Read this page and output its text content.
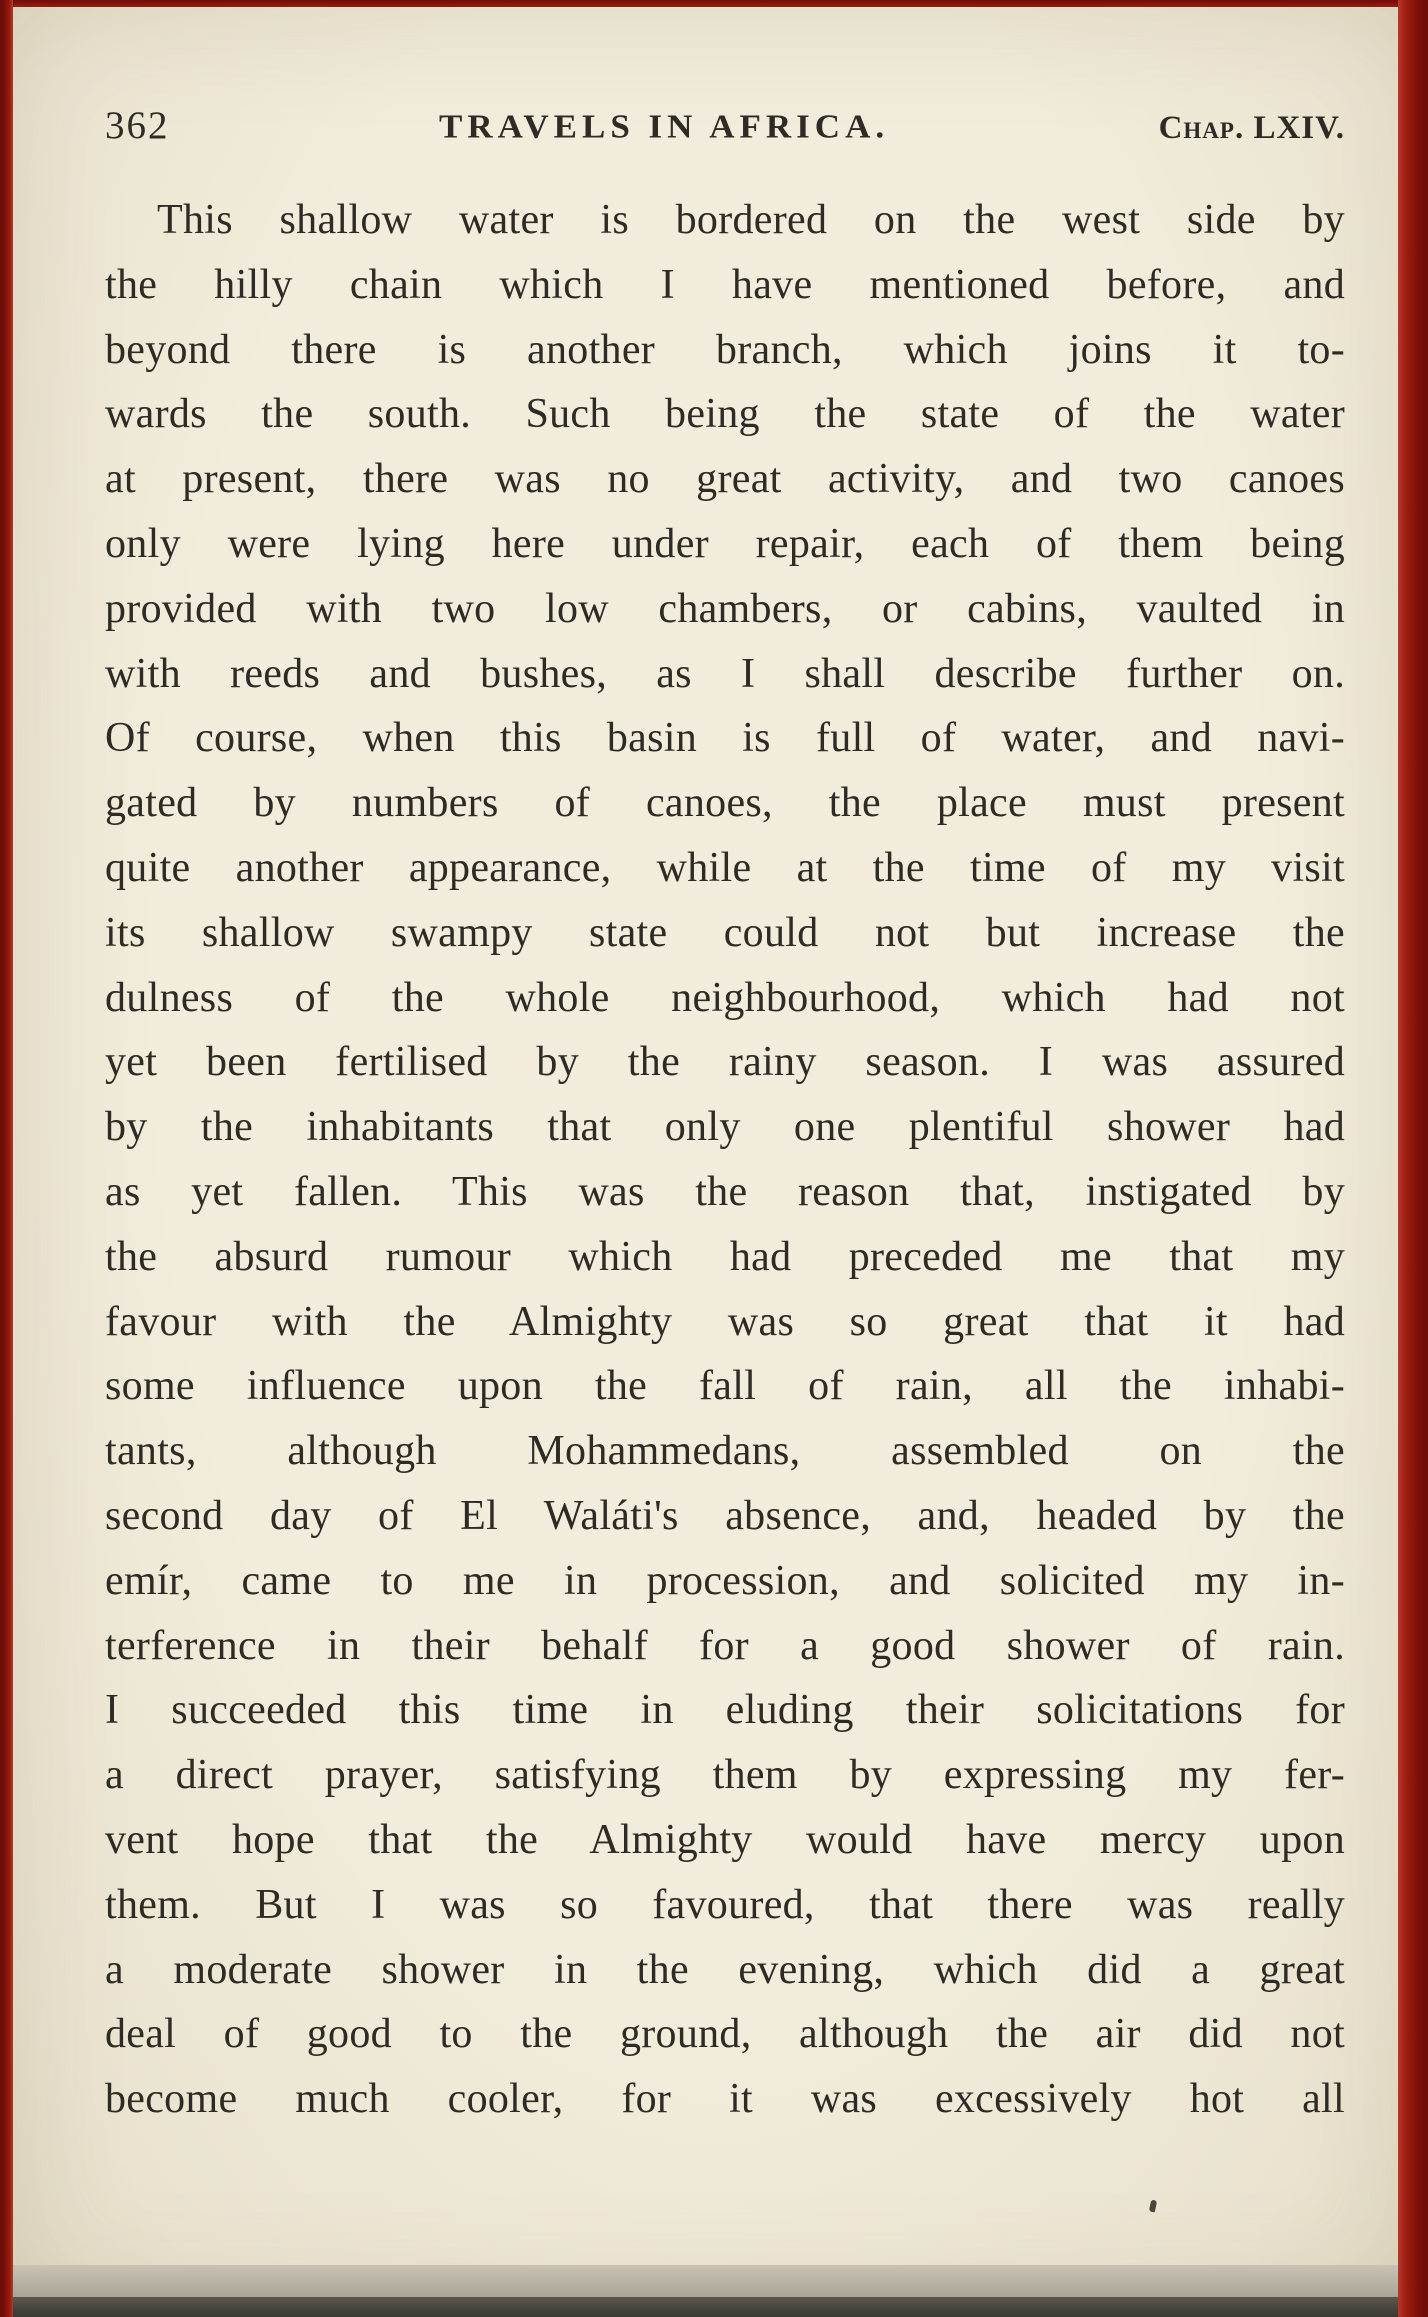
362	TRAVELS IN AFRICA.	Chap. LXIV.
This shallow water is bordered on the west side by
the hilly chain which I have mentioned before, and
beyond there is another branch, which joins it to-
wards the south. Such being the state of the water
at present, there was no great activity, and two canoes
only were lying here under repair, each of them being
provided with two low chambers, or cabins, vaulted in
with reeds and bushes, as I shall describe further on.
Of course, when this basin is full of water, and navi-
gated by numbers of canoes, the place must present
quite another appearance, while at the time of my visit
its shallow swampy state could not but increase the
dulness of the whole neighbourhood, which had not
yet been fertilised by the rainy season. I was assured
by the inhabitants that only one plentiful shower had
as yet fallen. This was the reason that, instigated by
the absurd rumour which had preceded me that my
favour with the Almighty was so great that it had
some influence upon the fall of rain, all the inhabi-
tants, although Mohammedans, assembled on the
second day of El Waláti's absence, and, headed by the
emír, came to me in procession, and solicited my in-
terference in their behalf for a good shower of rain.
I succeeded this time in eluding their solicitations for
a direct prayer, satisfying them by expressing my fer-
vent hope that the Almighty would have mercy upon
them. But I was so favoured, that there was really
a moderate shower in the evening, which did a great
deal of good to the ground, although the air did not
become much cooler, for it was excessively hot all
